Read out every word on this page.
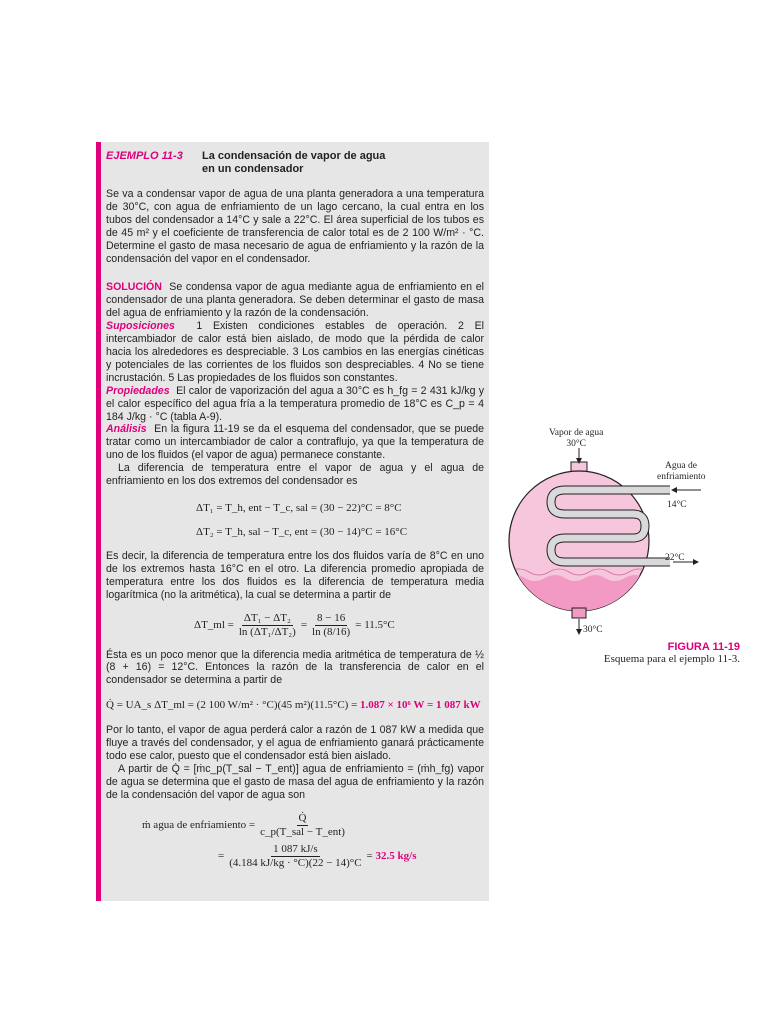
EJEMPLO 11-3	La condensación de vapor de agua
en un condensador

Se va a condensar vapor de agua de una planta generadora a una temperatura de 30°C, con agua de enfriamiento de un lago cercano, la cual entra en los tubos del condensador a 14°C y sale a 22°C. El área superficial de los tubos es de 45 m² y el coeficiente de transferencia de calor total es de 2 100 W/m² · °C. Determine el gasto de masa necesario de agua de enfriamiento y la razón de la condensación del vapor en el condensador.

SOLUCIÓN Se condensa vapor de agua mediante agua de enfriamiento en el condensador de una planta generadora. Se deben determinar el gasto de masa del agua de enfriamiento y la razón de la condensación.

Suposiciones 1 Existen condiciones estables de operación. 2 El intercambiador de calor está bien aislado, de modo que la pérdida de calor hacia los alrededores es despreciable. 3 Los cambios en las energías cinéticas y potenciales de las corrientes de los fluidos son despreciables. 4 No se tiene incrustación. 5 Las propiedades de los fluidos son constantes.

Propiedades El calor de vaporización del agua a 30°C es h_fg = 2 431 kJ/kg y el calor específico del agua fría a la temperatura promedio de 18°C es C_p = 4 184 J/kg · °C (tabla A-9).

Análisis En la figura 11-19 se da el esquema del condensador, que se puede tratar como un intercambiador de calor a contraflujo, ya que la temperatura de uno de los fluidos (el vapor de agua) permanece constante.

La diferencia de temperatura entre el vapor de agua y el agua de enfriamiento en los dos extremos del condensador es

ΔT₁ = T_h, ent − T_c, sal = (30 − 22)°C = 8°C
ΔT₂ = T_h, sal − T_c, ent = (30 − 14)°C = 16°C

Es decir, la diferencia de temperatura entre los dos fluidos varía de 8°C en uno de los extremos hasta 16°C en el otro. La diferencia promedio apropiada de temperatura entre los dos fluidos es la diferencia de temperatura media logarítmica (no la aritmética), la cual se determina a partir de

ΔT_ml = $\frac{\text{ΔT₁ − ΔT₂}}{\text{ln (ΔT₁/ΔT₂)}} = \frac{8 - 16}{\ln (8/16)} = 11.5^\circ C$

Ésta es un poco menor que la diferencia media aritmética de temperatura de ½ (8 + 16) = 12°C. Entonces la razón de la transferencia de calor en el condensador se determina a partir de

Q̇ = UA_s ΔT_ml = (2 100 W/m² · °C)(45 m²)(11.5°C) = 1.087 × 10⁶ W = 1 087 kW

Por lo tanto, el vapor de agua perderá calor a razón de 1 087 kW a medida que fluye a través del condensador, y el agua de enfriamiento ganará prácticamente todo ese calor, puesto que el condensador está bien aislado.

A partir de Q̇ = [ṁc_p(T_sal − T_ent)] agua de enfriamiento = (ṁh_fg) vapor de agua se determina que el gasto de masa del agua de enfriamiento y la razón de la condensación del vapor de agua son

ṁ agua de enfriamiento = $\frac{Q̇}{\text{c\_p(T\_sal − T\_ent)}}$
= $\frac{1 087 kJ/s}{(4.184 kJ/kg \cdot ^\circ C)(22 - 14)^\circ C} = 32.5$ kg/s
Vapor de agua
30°C
Agua de enfriamiento
14°C
22°C
30°C
FIGURA 11-19
Esquema para el ejemplo 11-3.
